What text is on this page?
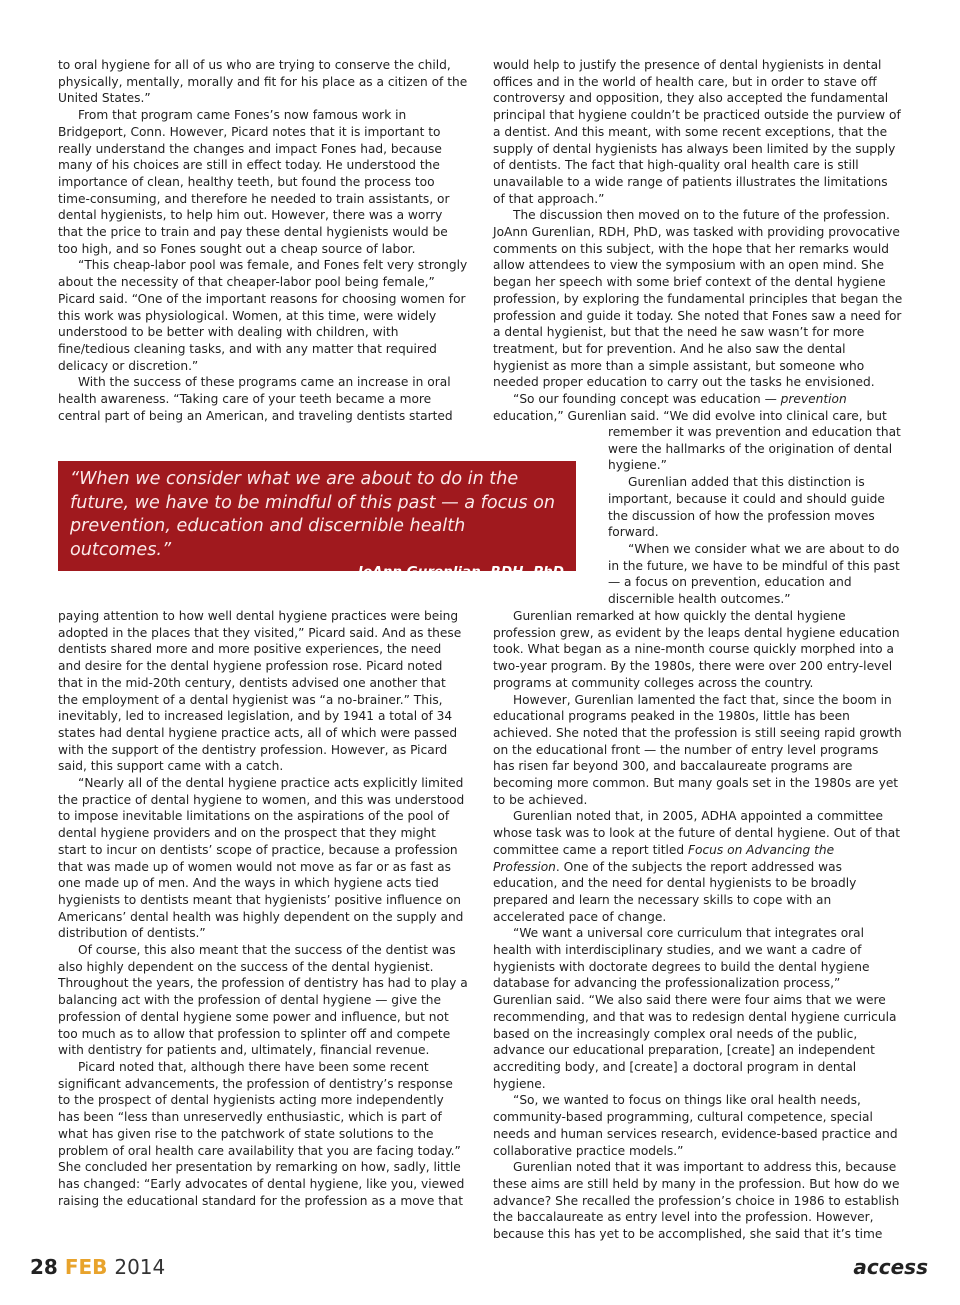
to oral hygiene for all of us who are trying to conserve the child, physically, mentally, morally and fit for his place as a citizen of the United States.”

From that program came Fones’s now famous work in Bridgeport, Conn. However, Picard notes that it is important to really understand the changes and impact Fones had, because many of his choices are still in effect today. He understood the importance of clean, healthy teeth, but found the process too time-consuming, and therefore he needed to train assistants, or dental hygienists, to help him out. However, there was a worry that the price to train and pay these dental hygienists would be too high, and so Fones sought out a cheap source of labor.

“This cheap-labor pool was female, and Fones felt very strongly about the necessity of that cheaper-labor pool being female,” Picard said. “One of the important reasons for choosing women for this work was physiological. Women, at this time, were widely understood to be better with dealing with children, with fine/tedious cleaning tasks, and with any matter that required delicacy or discretion.”

With the success of these programs came an increase in oral health awareness. “Taking care of your teeth became a more central part of being an American, and traveling dentists started

“When we consider what we are about to do in the future, we have to be mindful of this past — a focus on prevention, education and discernible health outcomes.”

—JoAnn Gurenlian, RDH, PhD

paying attention to how well dental hygiene practices were being adopted in the places that they visited,” Picard said. And as these dentists shared more and more positive experiences, the need and desire for the dental hygiene profession rose. Picard noted that in the mid-20th century, dentists advised one another that the employment of a dental hygienist was “a no-brainer.” This, inevitably, led to increased legislation, and by 1941 a total of 34 states had dental hygiene practice acts, all of which were passed with the support of the dentistry profession. However, as Picard said, this support came with a catch.

“Nearly all of the dental hygiene practice acts explicitly limited the practice of dental hygiene to women, and this was understood to impose inevitable limitations on the aspirations of the pool of dental hygiene providers and on the prospect that they might start to incur on dentists’ scope of practice, because a profession that was made up of women would not move as far or as fast as one made up of men. And the ways in which hygiene acts tied hygienists to dentists meant that hygienists’ positive influence on Americans’ dental health was highly dependent on the supply and distribution of dentists.”

Of course, this also meant that the success of the dentist was also highly dependent on the success of the dental hygienist. Throughout the years, the profession of dentistry has had to play a balancing act with the profession of dental hygiene — give the profession of dental hygiene some power and influence, but not too much as to allow that profession to splinter off and compete with dentistry for patients and, ultimately, financial revenue.

Picard noted that, although there have been some recent significant advancements, the profession of dentistry’s response to the prospect of dental hygienists acting more independently has been “less than unreservedly enthusiastic, which is part of what has given rise to the patchwork of state solutions to the problem of oral health care availability that you are facing today.” She concluded her presentation by remarking on how, sadly, little has changed: “Early advocates of dental hygiene, like you, viewed raising the educational standard for the profession as a move that

would help to justify the presence of dental hygienists in dental offices and in the world of health care, but in order to stave off controversy and opposition, they also accepted the fundamental principal that hygiene couldn’t be practiced outside the purview of a dentist. And this meant, with some recent exceptions, that the supply of dental hygienists has always been limited by the supply of dentists. The fact that high-quality oral health care is still unavailable to a wide range of patients illustrates the limitations of that approach.”

The discussion then moved on to the future of the profession. JoAnn Gurenlian, RDH, PhD, was tasked with providing provocative comments on this subject, with the hope that her remarks would allow attendees to view the symposium with an open mind. She began her speech with some brief context of the dental hygiene profession, by exploring the fundamental principles that began the profession and guide it today. She noted that Fones saw a need for a dental hygienist, but that the need he saw wasn’t for more treatment, but for prevention. And he also saw the dental hygienist as more than a simple assistant, but someone who needed proper education to carry out the tasks he envisioned.

“So our founding concept was education — prevention education,” Gurenlian said. “We did evolve into clinical care, but

remember it was prevention and education that were the hallmarks of the origination of dental hygiene.”

Gurenlian added that this distinction is important, because it could and should guide the discussion of how the profession moves forward.

“When we consider what we are about to do in the future, we have to be mindful of this past — a focus on prevention, education and discernible health outcomes.”

Gurenlian remarked at how quickly the dental hygiene profession grew, as evident by the leaps dental hygiene education took. What began as a nine-month course quickly morphed into a two-year program. By the 1980s, there were over 200 entry-level programs at community colleges across the country.

However, Gurenlian lamented the fact that, since the boom in educational programs peaked in the 1980s, little has been achieved. She noted that the profession is still seeing rapid growth on the educational front — the number of entry level programs has risen far beyond 300, and baccalaureate programs are becoming more common. But many goals set in the 1980s are yet to be achieved.

Gurenlian noted that, in 2005, ADHA appointed a committee whose task was to look at the future of dental hygiene. Out of that committee came a report titled Focus on Advancing the Profession. One of the subjects the report addressed was education, and the need for dental hygienists to be broadly prepared and learn the necessary skills to cope with an accelerated pace of change.

“We want a universal core curriculum that integrates oral health with interdisciplinary studies, and we want a cadre of hygienists with doctorate degrees to build the dental hygiene database for advancing the professionalization process,” Gurenlian said. “We also said there were four aims that we were recommending, and that was to redesign dental hygiene curricula based on the increasingly complex oral needs of the public, advance our educational preparation, [create] an independent accrediting body, and [create] a doctoral program in dental hygiene.

“So, we wanted to focus on things like oral health needs, community-based programming, cultural competence, special needs and human services research, evidence-based practice and collaborative practice models.”

Gurenlian noted that it was important to address this, because these aims are still held by many in the profession. But how do we advance? She recalled the profession’s choice in 1986 to establish the baccalaureate as entry level into the profession. However, because this has yet to be accomplished, she said that it’s time

28 FEB 2014	access
